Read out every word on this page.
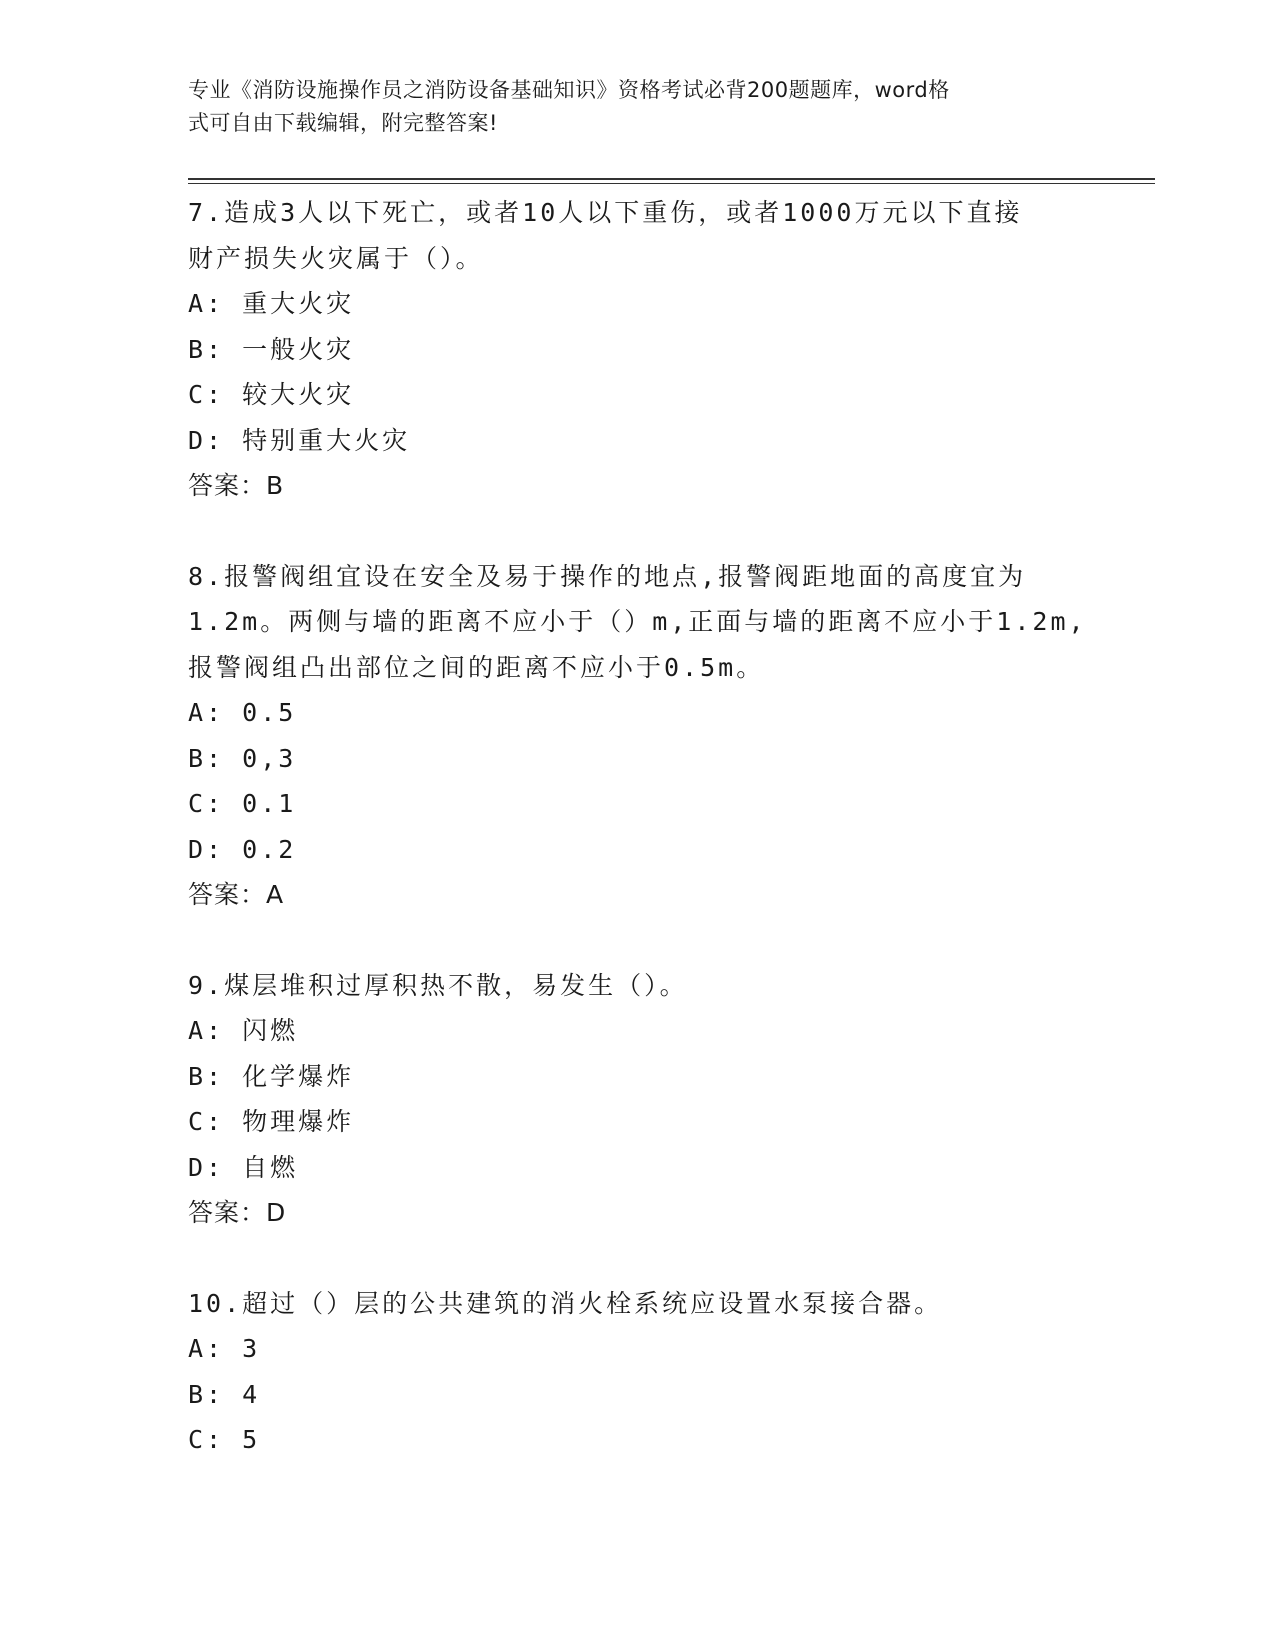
专业《消防设施操作员之消防设备基础知识》资格考试必背200题题库，word格
式可自由下载编辑，附完整答案!
7.造成3人以下死亡，或者10人以下重伤，或者1000万元以下直接
财产损失火灾属于（）。
A: 重大火灾
B: 一般火灾
C: 较大火灾
D: 特别重大火灾
答案：B
8.报警阀组宜设在安全及易于操作的地点,报警阀距地面的高度宜为
1.2m。两侧与墙的距离不应小于（）m,正面与墙的距离不应小于1.2m,
报警阀组凸出部位之间的距离不应小于0.5m。
A: 0.5
B: 0,3
C: 0.1
D: 0.2
答案：A
9.煤层堆积过厚积热不散，易发生（）。
A: 闪燃
B: 化学爆炸
C: 物理爆炸
D: 自燃
答案：D
10.超过（）层的公共建筑的消火栓系统应设置水泵接合器。
A: 3
B: 4
C: 5
